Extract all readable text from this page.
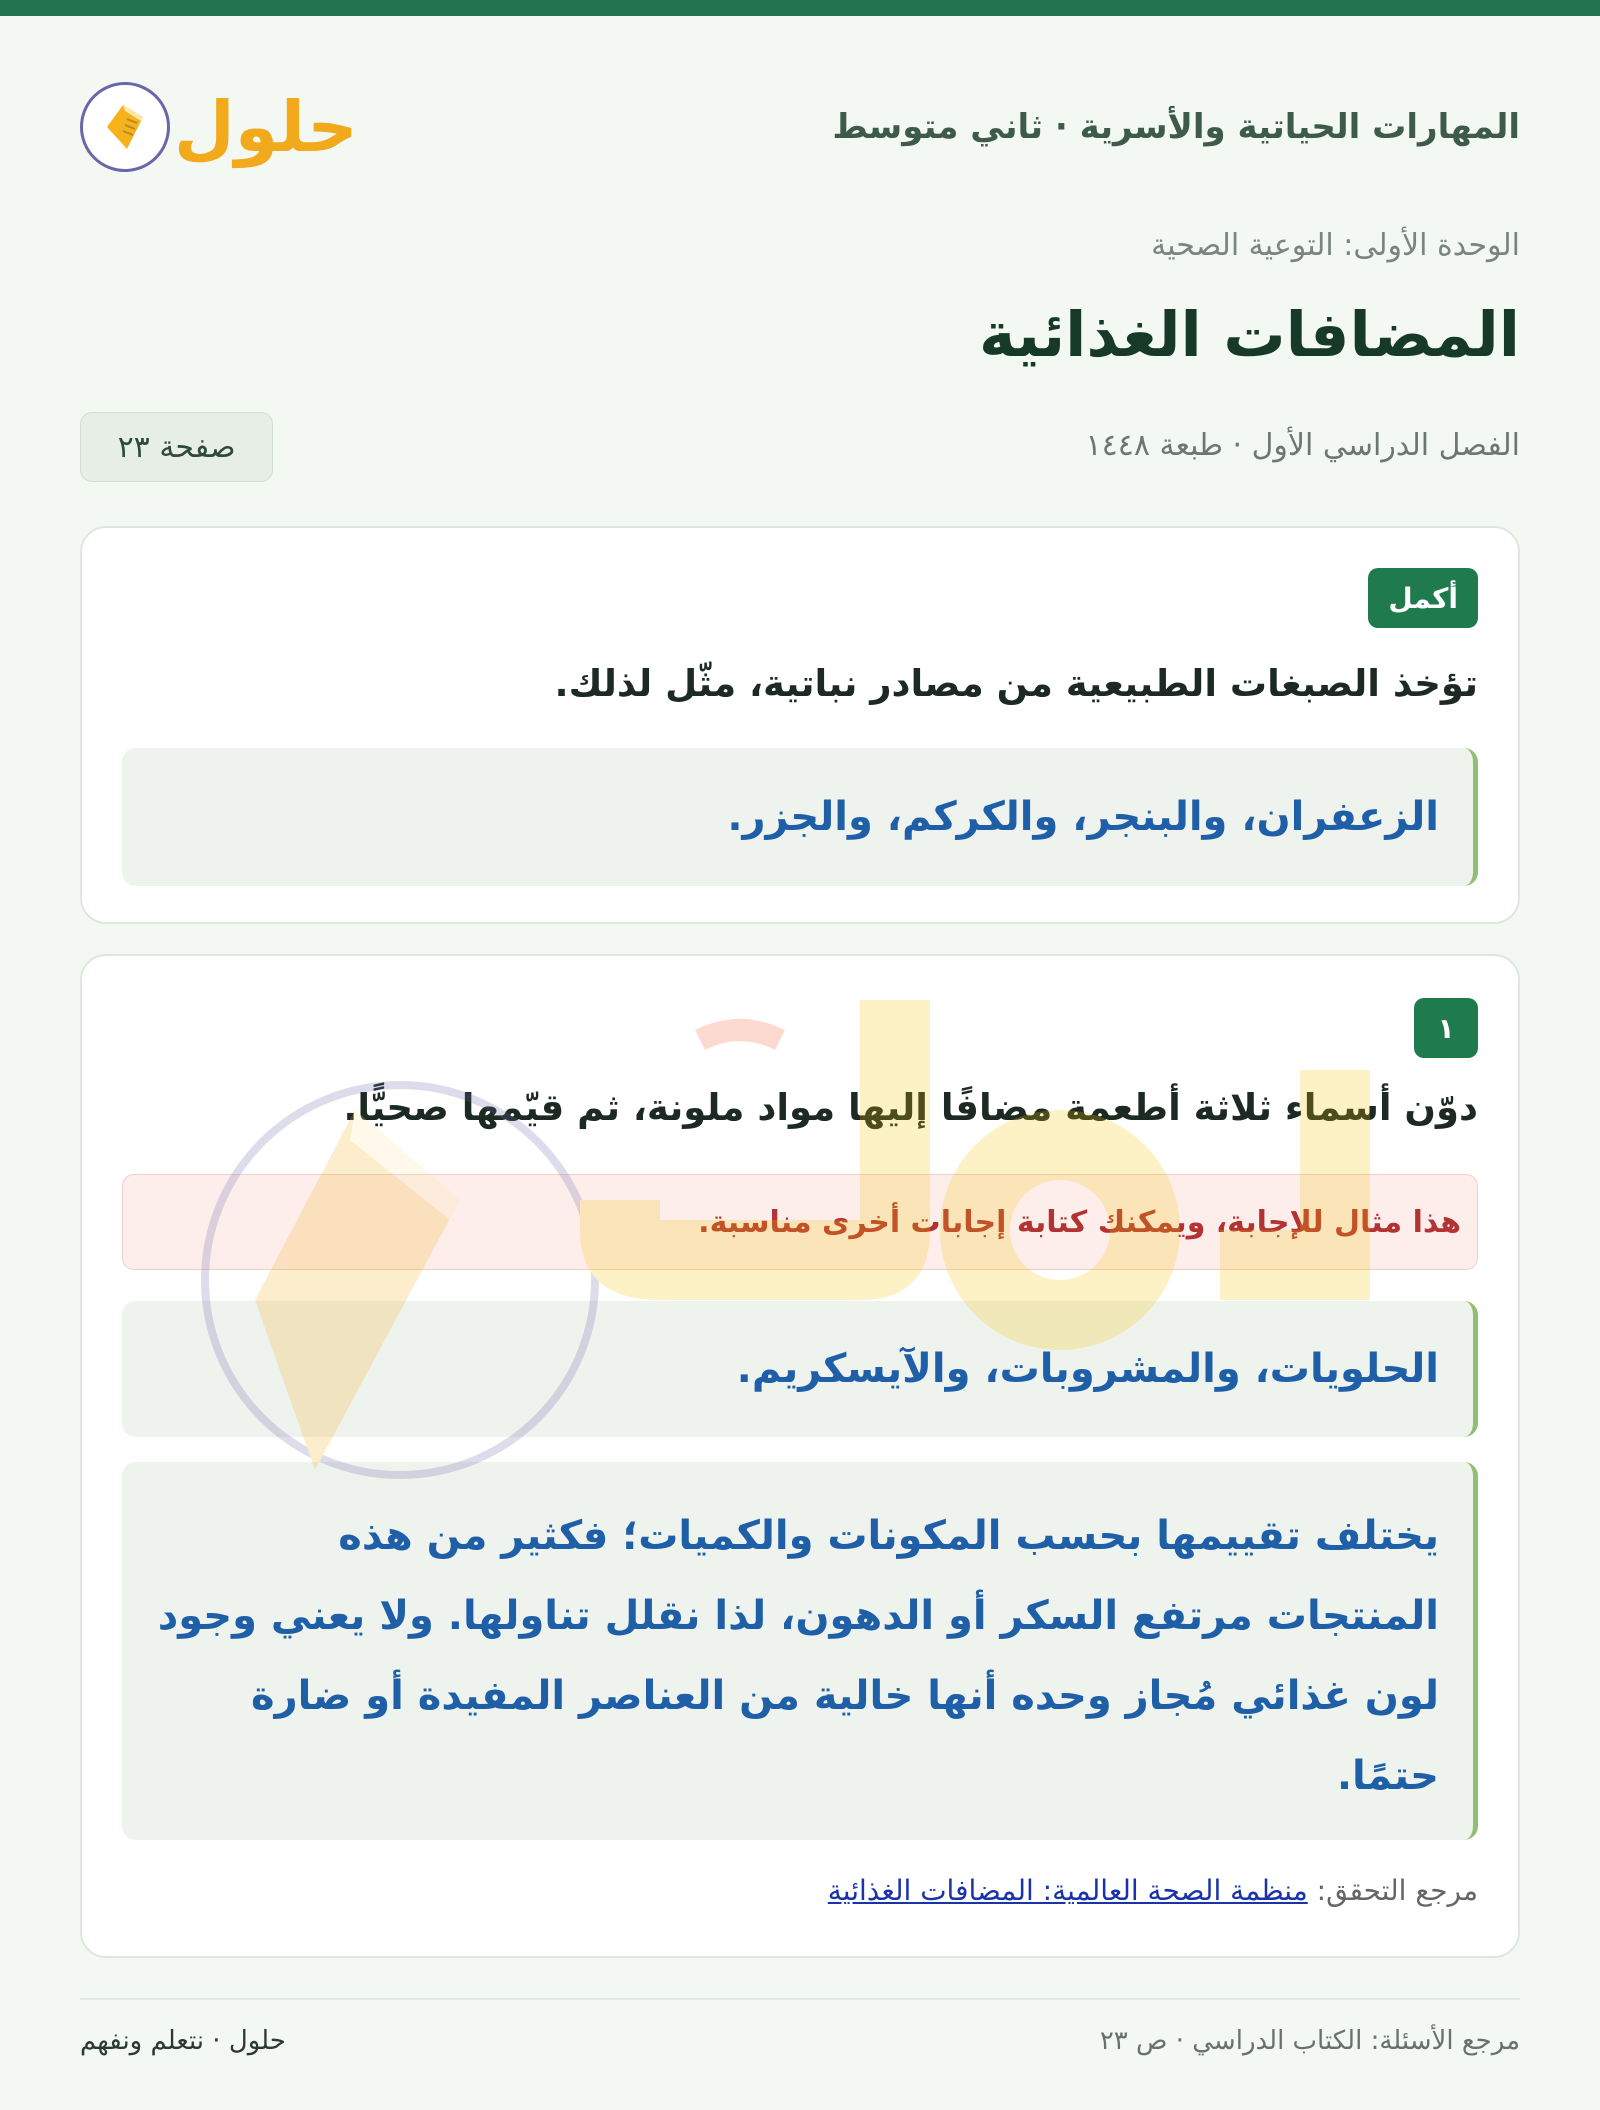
المهارات الحياتية والأسرية · ثاني متوسط
حلول
الوحدة الأولى: التوعية الصحية
المضافات الغذائية
الفصل الدراسي الأول · طبعة ١٤٤٨
صفحة ٢٣
أكمل
تؤخذ الصبغات الطبيعية من مصادر نباتية، مثّل لذلك.
الزعفران، والبنجر، والكركم، والجزر.
١
دوّن أسماء ثلاثة أطعمة مضافًا إليها مواد ملونة، ثم قيّمها صحيًّا.
هذا مثال للإجابة، ويمكنك كتابة إجابات أخرى مناسبة.
الحلويات، والمشروبات، والآيسكريم.
يختلف تقييمها بحسب المكونات والكميات؛ فكثير من هذه المنتجات مرتفع السكر أو الدهون، لذا نقلل تناولها. ولا يعني وجود لون غذائي مُجاز وحده أنها خالية من العناصر المفيدة أو ضارة حتمًا.
مرجع التحقق: منظمة الصحة العالمية: المضافات الغذائية
مرجع الأسئلة: الكتاب الدراسي · ص ٢٣
حلول · نتعلم ونفهم
